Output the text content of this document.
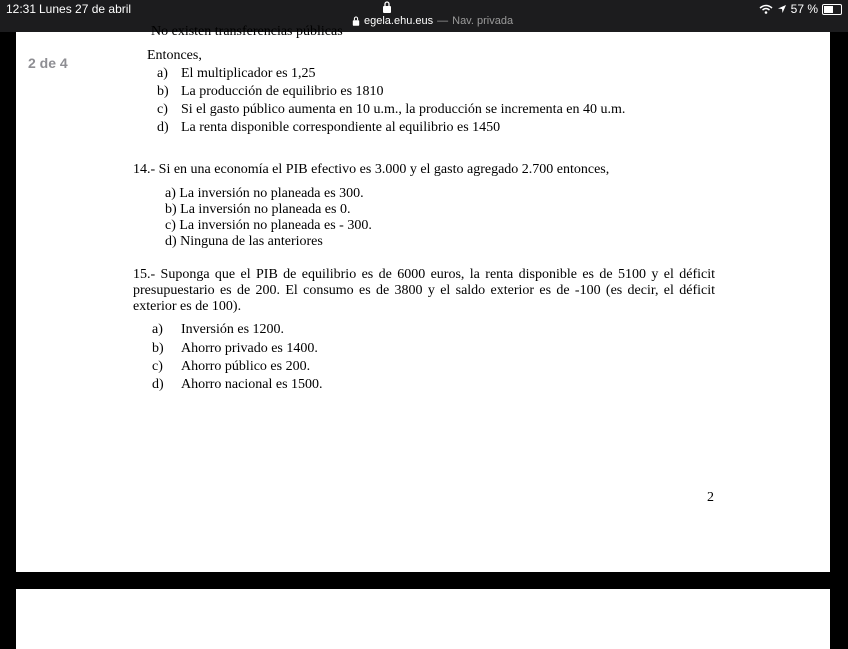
12:31 Lunes 27 de abril
egela.ehu.eus — Nav. privada
57 %
No existen transferencias públicas
Entonces,
a) El multiplicador es 1,25
b) La producción de equilibrio es 1810
c) Si el gasto público aumenta en 10 u.m., la producción se incrementa en 40 u.m.
d) La renta disponible correspondiente al equilibrio es 1450
14.- Si en una economía el PIB efectivo es 3.000 y el gasto agregado 2.700 entonces,
a) La inversión no planeada es 300.
b) La inversión no planeada es 0.
c) La inversión no planeada es - 300.
d) Ninguna de las anteriores
15.- Suponga que el PIB de equilibrio es de 6000 euros, la renta disponible es de 5100 y el déficit presupuestario es de 200. El consumo es de 3800 y el saldo exterior es de -100 (es decir, el déficit exterior es de 100).
a) Inversión es 1200.
b) Ahorro privado es 1400.
c) Ahorro público es 200.
d) Ahorro nacional es 1500.
2
2 de 4
